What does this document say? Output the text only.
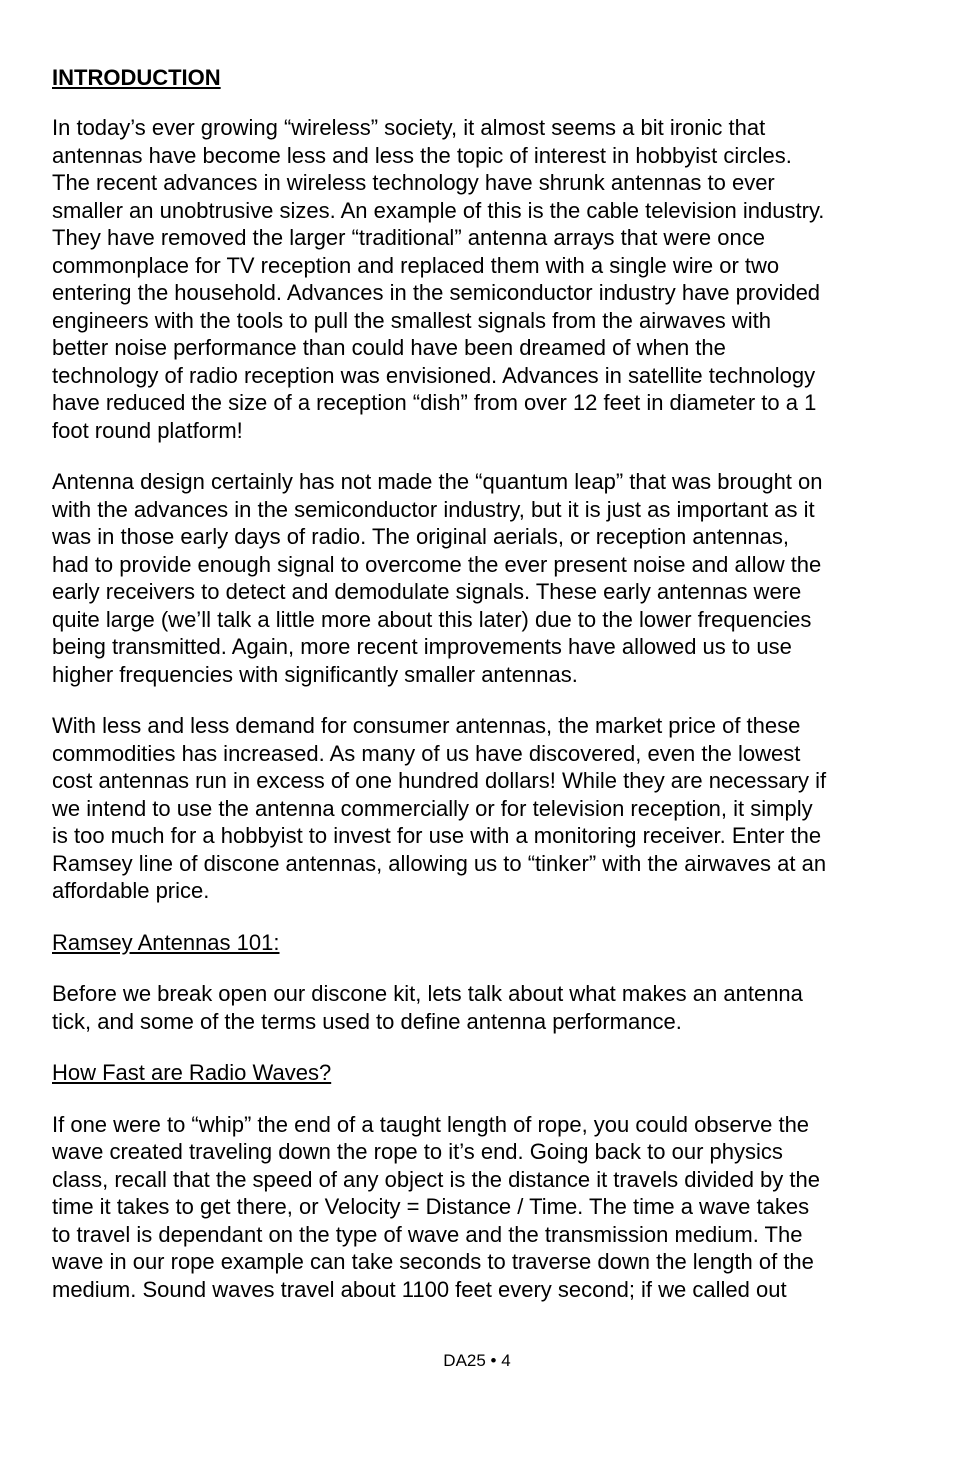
INTRODUCTION
In today’s ever growing “wireless” society, it almost seems a bit ironic that
antennas have become less and less the topic of interest in hobbyist circles.
The recent advances in wireless technology have shrunk antennas to ever
smaller an unobtrusive sizes. An example of this is the cable television industry.
They have removed the larger “traditional” antenna arrays that were once
commonplace for TV reception and replaced them with a single wire or two
entering the household. Advances in the semiconductor industry have provided
engineers with the tools to pull the smallest signals from the airwaves with
better noise performance than could have been dreamed of when the
technology of radio reception was envisioned. Advances in satellite technology
have reduced the size of a reception “dish” from over 12 feet in diameter to a 1
foot round platform!
Antenna design certainly has not made the “quantum leap” that was brought on
with the advances in the semiconductor industry, but it is just as important as it
was in those early days of radio. The original aerials, or reception antennas,
had to provide enough signal to overcome the ever present noise and allow the
early receivers to detect and demodulate signals. These early antennas were
quite large (we’ll talk a little more about this later) due to the lower frequencies
being transmitted. Again, more recent improvements have allowed us to use
higher frequencies with significantly smaller antennas.
With less and less demand for consumer antennas, the market price of these
commodities has increased. As many of us have discovered, even the lowest
cost antennas run in excess of one hundred dollars! While they are necessary if
we intend to use the antenna commercially or for television reception, it simply
is too much for a hobbyist to invest for use with a monitoring receiver. Enter the
Ramsey line of discone antennas, allowing us to “tinker” with the airwaves at an
affordable price.
Ramsey Antennas 101:
Before we break open our discone kit, lets talk about what makes an antenna
tick, and some of the terms used to define antenna performance.
How Fast are Radio Waves?
If one were to “whip” the end of a taught length of rope, you could observe the
wave created traveling down the rope to it’s end. Going back to our physics
class, recall that the speed of any object is the distance it travels divided by the
time it takes to get there, or Velocity = Distance / Time. The time a wave takes
to travel is dependant on the type of wave and the transmission medium. The
wave in our rope example can take seconds to traverse down the length of the
medium. Sound waves travel about 1100 feet every second; if we called out
DA25 • 4
